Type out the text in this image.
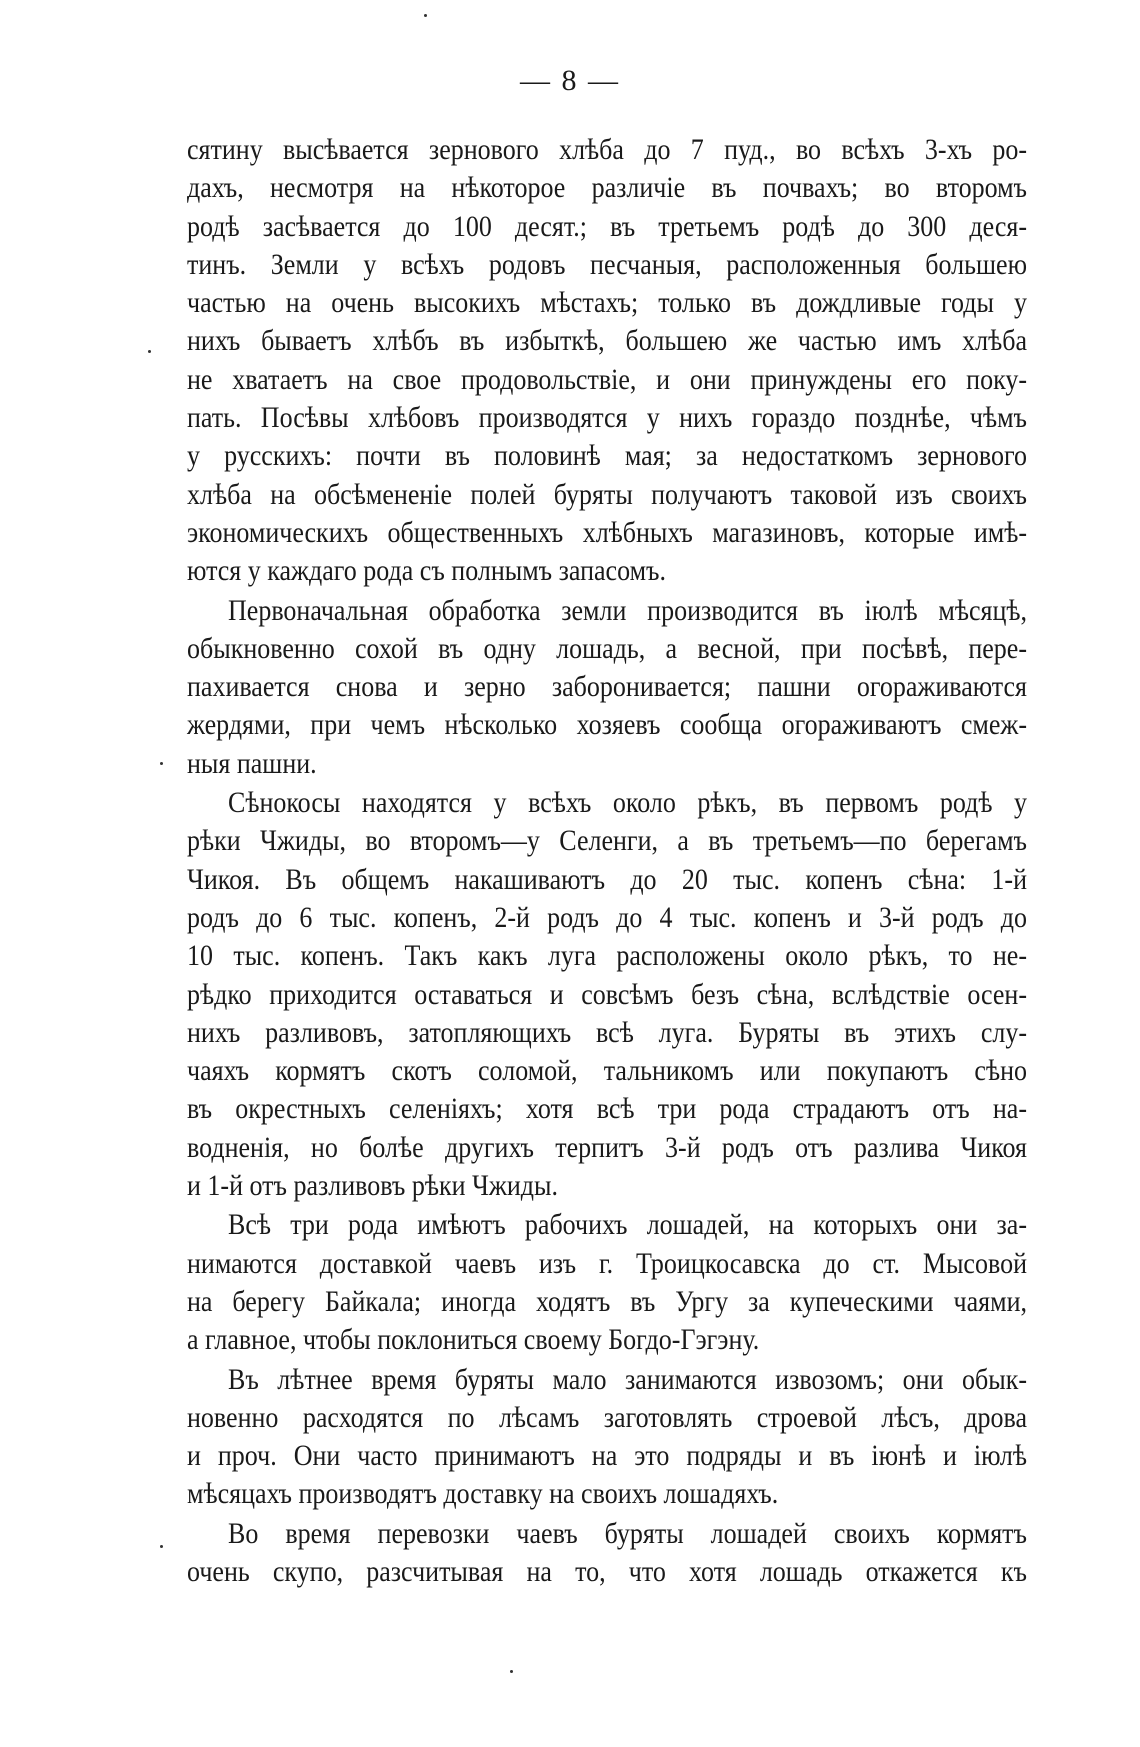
— 8 —
сятину высѣвается зернового хлѣба до 7 пуд., во всѣхъ 3-хъ ро-
дахъ, несмотря на нѣкоторое различіе въ почвахъ; во второмъ
родѣ засѣвается до 100 десят.; въ третьемъ родѣ до 300 деся-
тинъ. Земли у всѣхъ родовъ песчаныя, расположенныя большею
частью на очень высокихъ мѣстахъ; только въ дождливые годы у
нихъ бываетъ хлѣбъ въ избыткѣ, большею же частью имъ хлѣба
не хватаетъ на свое продовольствіе, и они принуждены его поку-
пать. Посѣвы хлѣбовъ производятся у нихъ гораздо позднѣе, чѣмъ
у русскихъ: почти въ половинѣ мая; за недостаткомъ зернового
хлѣба на обсѣмененіе полей буряты получаютъ таковой изъ своихъ
экономическихъ общественныхъ хлѣбныхъ магазиновъ, которые имѣ-
ются у каждаго рода съ полнымъ запасомъ.
Первоначальная обработка земли производится въ іюлѣ мѣсяцѣ,
обыкновенно сохой въ одну лошадь, а весной, при посѣвѣ, пере-
пахивается снова и зерно заборонивается; пашни огораживаются
жердями, при чемъ нѣсколько хозяевъ сообща огораживаютъ смеж-
ныя пашни.
Сѣнокосы находятся у всѣхъ около рѣкъ, въ первомъ родѣ у
рѣки Чжиды, во второмъ—у Селенги, а въ третьемъ—по берегамъ
Чикоя. Въ общемъ накашиваютъ до 20 тыс. копенъ сѣна: 1-й
родъ до 6 тыс. копенъ, 2-й родъ до 4 тыс. копенъ и 3-й родъ до
10 тыс. копенъ. Такъ какъ луга расположены около рѣкъ, то не-
рѣдко приходится оставаться и совсѣмъ безъ сѣна, вслѣдствіе осен-
нихъ разливовъ, затопляющихъ всѣ луга. Буряты въ этихъ слу-
чаяхъ кормятъ скотъ соломой, тальникомъ или покупаютъ сѣно
въ окрестныхъ селеніяхъ; хотя всѣ три рода страдаютъ отъ на-
водненія, но болѣе другихъ терпитъ 3-й родъ отъ разлива Чикоя
и 1-й отъ разливовъ рѣки Чжиды.
Всѣ три рода имѣютъ рабочихъ лошадей, на которыхъ они за-
нимаются доставкой чаевъ изъ г. Троицкосавска до ст. Мысовой
на берегу Байкала; иногда ходятъ въ Ургу за купеческими чаями,
а главное, чтобы поклониться своему Богдо-Гэгэну.
Въ лѣтнее время буряты мало занимаются извозомъ; они обык-
новенно расходятся по лѣсамъ заготовлять строевой лѣсъ, дрова
и проч. Они часто принимаютъ на это подряды и въ іюнѣ и іюлѣ
мѣсяцахъ производятъ доставку на своихъ лошадяхъ.
Во время перевозки чаевъ буряты лошадей своихъ кормятъ
очень скупо, разсчитывая на то, что хотя лошадь откажется къ
